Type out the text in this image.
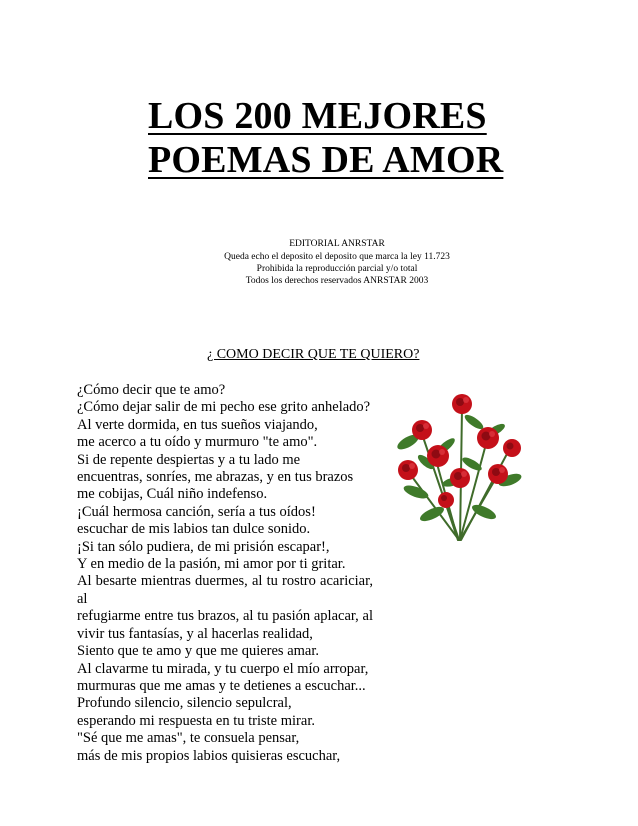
LOS 200 MEJORES
POEMAS DE AMOR
EDITORIAL ANRSTAR
Queda echo el deposito el deposito que marca la ley 11.723
Prohibida la reproducción parcial y/o total
Todos los derechos reservados ANRSTAR 2003
¿ COMO DECIR QUE TE QUIERO?
¿Cómo decir que te amo?
¿Cómo dejar salir de mi pecho ese grito anhelado?
Al verte dormida, en tus sueños viajando,
me acerco a tu oído y murmuro "te amo".
Si de repente despiertas y a tu lado me
encuentras, sonríes, me abrazas, y en tus brazos
me cobijas, Cuál niño indefenso.
¡Cuál hermosa canción, sería a tus oídos!
escuchar de mis labios tan dulce sonido.
¡Si tan sólo pudiera, de mi prisión escapar!,
Y en medio de la pasión, mi amor por ti gritar.
Al besarte mientras duermes, al tu rostro acariciar, al
refugiarme entre tus brazos, al tu pasión aplacar, al
vivir tus fantasías, y al hacerlas realidad,
Siento que te amo y que me quieres amar.
Al clavarme tu mirada, y tu cuerpo el mío arropar,
murmuras que me amas y te detienes a escuchar...
Profundo silencio, silencio sepulcral,
esperando mi respuesta en tu triste mirar.
"Sé que me amas", te consuela pensar,
más de mis propios labios quisieras escuchar,
